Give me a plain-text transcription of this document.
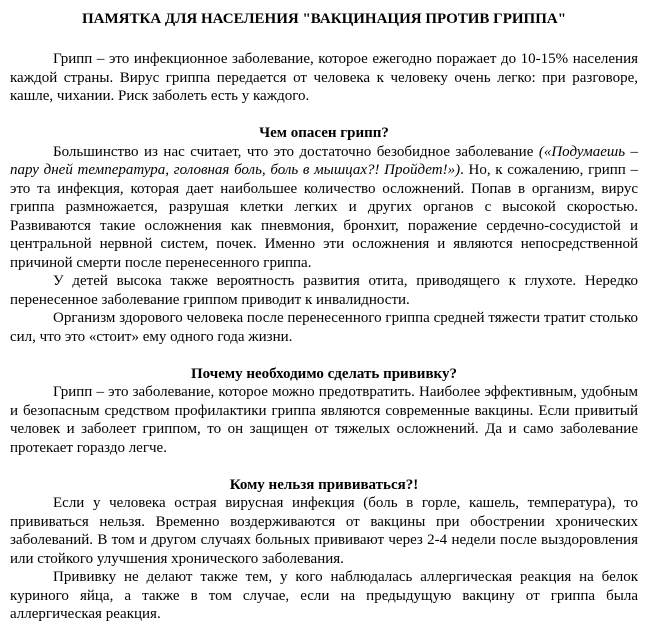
ПАМЯТКА ДЛЯ НАСЕЛЕНИЯ "ВАКЦИНАЦИЯ ПРОТИВ ГРИППА"

Грипп – это инфекционное заболевание, которое ежегодно поражает до 10-15% населения каждой страны. Вирус гриппа передается от человека к человеку очень легко: при разговоре, кашле, чихании. Риск заболеть есть у каждого.

Чем опасен грипп?

Большинство из нас считает, что это достаточно безобидное заболевание («Подумаешь – пару дней температура, головная боль, боль в мышцах?! Пройдет!»). Но, к сожалению, грипп – это та инфекция, которая дает наибольшее количество осложнений. Попав в организм, вирус гриппа размножается, разрушая клетки легких и других органов с высокой скоростью. Развиваются такие осложнения как пневмония, бронхит, поражение сердечно-сосудистой и центральной нервной систем, почек. Именно эти осложнения и являются непосредственной причиной смерти после перенесенного гриппа.

У детей высока также вероятность развития отита, приводящего к глухоте. Нередко перенесенное заболевание гриппом приводит к инвалидности.

Организм здорового человека после перенесенного гриппа средней тяжести тратит столько сил, что это «стоит» ему одного года жизни.

Почему необходимо сделать прививку?

Грипп – это заболевание, которое можно предотвратить. Наиболее эффективным, удобным и безопасным средством профилактики гриппа являются современные вакцины. Если привитый человек и заболеет гриппом, то он защищен от тяжелых осложнений. Да и само заболевание протекает гораздо легче.

Кому нельзя прививаться?!

Если у человека острая вирусная инфекция (боль в горле, кашель, температура), то прививаться нельзя. Временно воздерживаются от вакцины при обострении хронических заболеваний. В том и другом случаях больных прививают через 2-4 недели после выздоровления или стойкого улучшения хронического заболевания.

Прививку не делают также тем, у кого наблюдалась аллергическая реакция на белок куриного яйца, а также в том случае, если на предыдущую вакцину от гриппа была аллергическая реакция.
